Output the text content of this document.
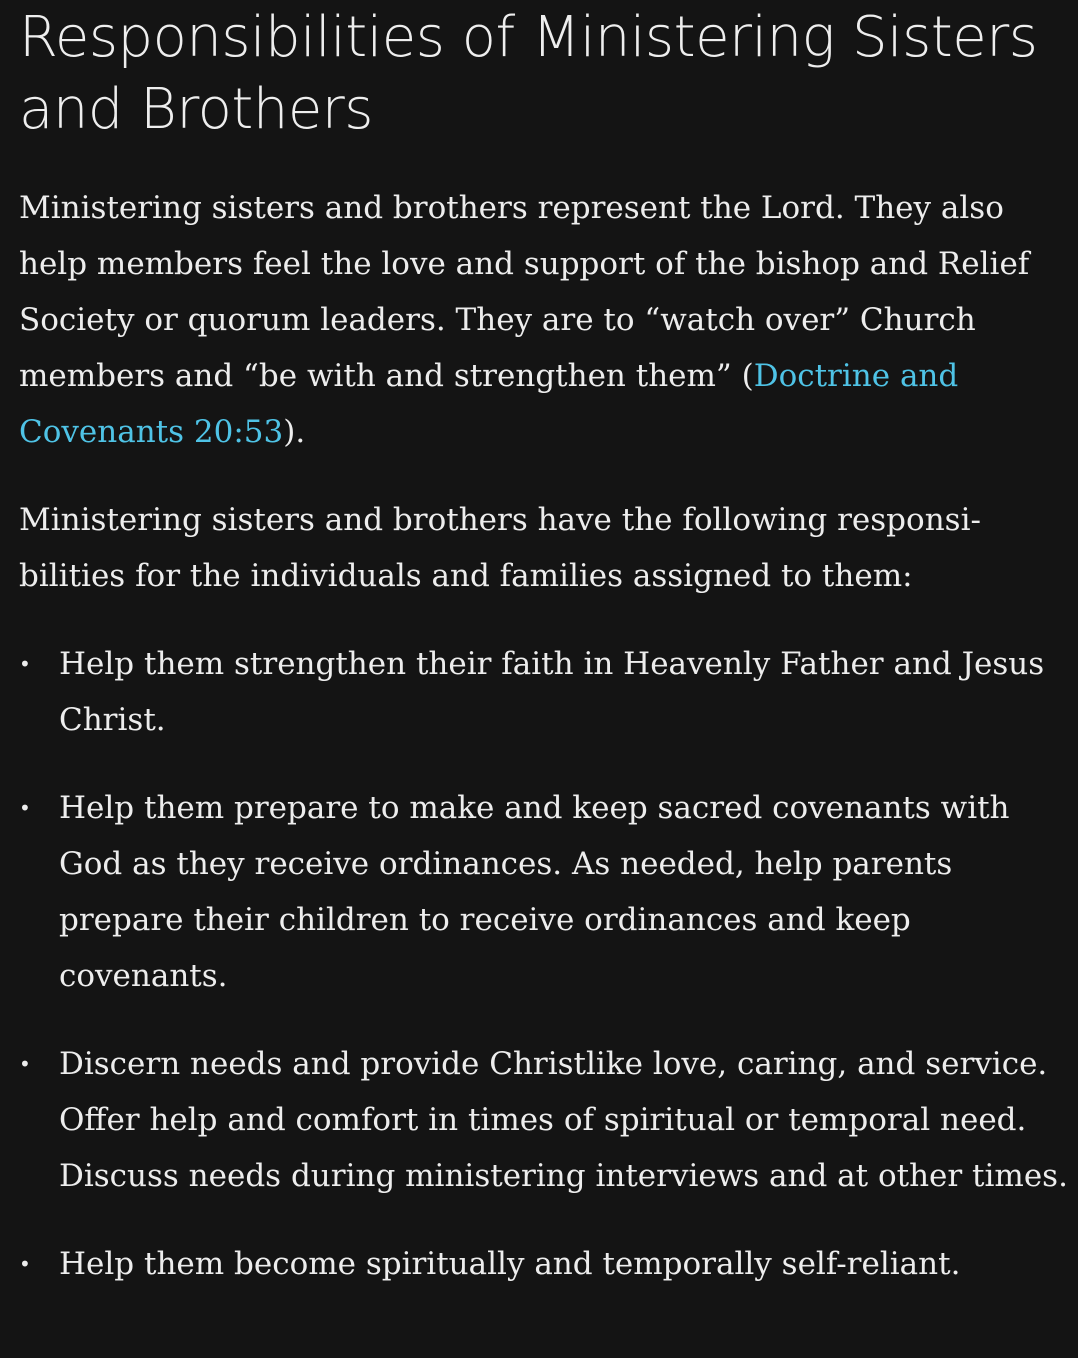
Responsibilities of Ministering Sisters and Brothers

Ministering sisters and brothers represent the Lord. They also help members feel the love and support of the bishop and Relief Society or quorum leaders. They are to “watch over” Church members and “be with and strengthen them” (Doctrine and Covenants 20:53).

Ministering sisters and brothers have the following responsibilities for the individuals and families assigned to them:

• Help them strengthen their faith in Heavenly Father and Jesus Christ.
• Help them prepare to make and keep sacred covenants with God as they receive ordinances. As needed, help parents prepare their children to receive ordinances and keep covenants.
• Discern needs and provide Christlike love, caring, and service. Offer help and comfort in times of spiritual or temporal need. Discuss needs during ministering interviews and at other times.
• Help them become spiritually and temporally self-reliant.
